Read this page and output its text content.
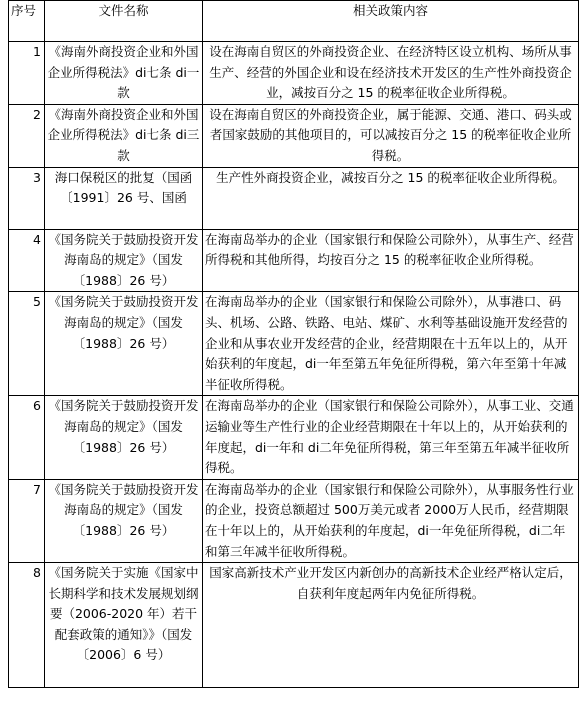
序号	文件名称	相关政策内容
1	《海南外商投资企业和外国企业所得税法》di七条 di一款	设在海南自贸区的外商投资企业、在经济特区设立机构、场所从事生产、经营的外国企业和设在经济技术开发区的生产性外商投资企业，减按百分之 15 的税率征收企业所得税。
2	《海南外商投资企业和外国企业所得税法》di七条 di三款	设在海南自贸区的外商投资企业，属于能源、交通、港口、码头或者国家鼓励的其他项目的，可以减按百分之 15 的税率征收企业所得税。
3	海口保税区的批复（国函〔1991〕26 号、国函	生产性外商投资企业，减按百分之 15 的税率征收企业所得税。
4	《国务院关于鼓励投资开发海南岛的规定》（国发〔1988〕26 号）	在海南岛举办的企业（国家银行和保险公司除外），从事生产、经营所得税和其他所得，均按百分之 15 的税率征收企业所得税。
5	《国务院关于鼓励投资开发海南岛的规定》（国发〔1988〕26 号）	在海南岛举办的企业（国家银行和保险公司除外），从事港口、码头、机场、公路、铁路、电站、煤矿、水利等基础设施开发经营的企业和从事农业开发经营的企业，经营期限在十五年以上的，从开始获利的年度起，di一年至第五年免征所得税，第六年至第十年减半征收所得税。
6	《国务院关于鼓励投资开发海南岛的规定》（国发〔1988〕26 号）	在海南岛举办的企业（国家银行和保险公司除外），从事工业、交通运输业等生产性行业的企业经营期限在十年以上的，从开始获利的年度起，di一年和 di二年免征所得税，第三年至第五年减半征收所得税。
7	《国务院关于鼓励投资开发海南岛的规定》（国发〔1988〕26 号）	在海南岛举办的企业（国家银行和保险公司除外），从事服务性行业的企业，投资总额超过 500万美元或者 2000万人民币，经营期限在十年以上的，从开始获利的年度起，di一年免征所得税，di二年和第三年减半征收所得税。
8	《国务院关于实施《国家中长期科学和技术发展规划纲要（2006-2020 年）若干配套政策的通知》》（国发〔2006〕6 号）	国家高新技术产业开发区内新创办的高新技术企业经严格认定后，自获利年度起两年内免征所得税。
